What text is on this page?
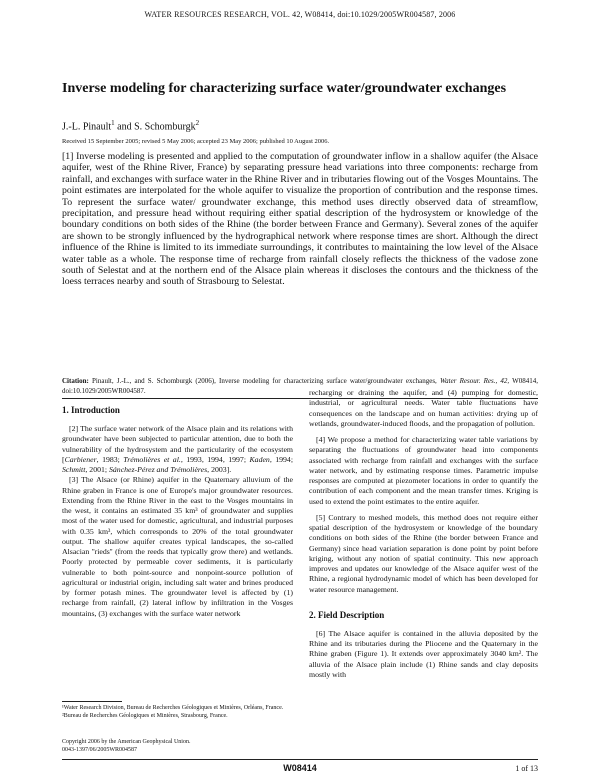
WATER RESOURCES RESEARCH, VOL. 42, W08414, doi:10.1029/2005WR004587, 2006
Inverse modeling for characterizing surface water/groundwater exchanges
J.-L. Pinault$^1$ and S. Schomburgk$^2$
Received 15 September 2005; revised 5 May 2006; accepted 23 May 2006; published 10 August 2006.
[1] Inverse modeling is presented and applied to the computation of groundwater inflow in a shallow aquifer (the Alsace aquifer, west of the Rhine River, France) by separating pressure head variations into three components: recharge from rainfall, and exchanges with surface water in the Rhine River and in tributaries flowing out of the Vosges Mountains. The point estimates are interpolated for the whole aquifer to visualize the proportion of contribution and the response times. To represent the surface water/ groundwater exchange, this method uses directly observed data of streamflow, precipitation, and pressure head without requiring either spatial description of the hydrosystem or knowledge of the boundary conditions on both sides of the Rhine (the border between France and Germany). Several zones of the aquifer are shown to be strongly influenced by the hydrographical network where response times are short. Although the direct influence of the Rhine is limited to its immediate surroundings, it contributes to maintaining the low level of the Alsace water table as a whole. The response time of recharge from rainfall closely reflects the thickness of the vadose zone south of Selestat and at the northern end of the Alsace plain whereas it discloses the contours and the thickness of the loess terraces nearby and south of Strasbourg to Selestat.
Citation: Pinault, J.-L., and S. Schomburgk (2006), Inverse modeling for characterizing surface water/groundwater exchanges, Water Resour. Res., 42, W08414, doi:10.1029/2005WR004587.
1. Introduction

[2] The surface water network of the Alsace plain and its relations with groundwater have been subjected to particular attention, due to both the vulnerability of the hydrosystem and the particularity of the ecosystem [Carbiener, 1983; Trémolières et al., 1993, 1994, 1997; Kaden, 1994; Schmitt, 2001; Sánchez-Pérez and Trémolières, 2003].

[3] The Alsace (or Rhine) aquifer in the Quaternary alluvium of the Rhine graben in France is one of Europe's major groundwater resources. Extending from the Rhine River in the east to the Vosges mountains in the west, it contains an estimated 35 km³ of groundwater and supplies most of the water used for domestic, agricultural, and industrial purposes with 0.35 km³, which corresponds to 20% of the total groundwater output. The shallow aquifer creates typical landscapes, the so-called Alsacian ''rieds'' (from the reeds that typically grow there) and wetlands. Poorly protected by permeable cover sediments, it is particularly vulnerable to both point-source and nonpoint-source pollution of agricultural or industrial origin, including salt water and brines produced by former potash mines. The groundwater level is affected by (1) recharge from rainfall, (2) lateral inflow by infiltration in the Vosges mountains, (3) exchanges with the surface water network

recharging or draining the aquifer, and (4) pumping for domestic, industrial, or agricultural needs. Water table fluctuations have consequences on the landscape and on human activities: drying up of wetlands, groundwater-induced floods, and the propagation of pollution.

[4] We propose a method for characterizing water table variations by separating the fluctuations of groundwater head into components associated with recharge from rainfall and exchanges with the surface water network, and by estimating response times. Parametric impulse responses are computed at piezometer locations in order to quantify the contribution of each component and the mean transfer times. Kriging is used to extend the point estimates to the entire aquifer.

[5] Contrary to meshed models, this method does not require either spatial description of the hydrosystem or knowledge of the boundary conditions on both sides of the Rhine (the border between France and Germany) since head variation separation is done point by point before kriging, without any notion of spatial continuity. This new approach improves and updates our knowledge of the Alsace aquifer west of the Rhine, a regional hydrodynamic model of which has been developed for water resource management.

2. Field Description

[6] The Alsace aquifer is contained in the alluvia deposited by the Rhine and its tributaries during the Pliocene and the Quaternary in the Rhine graben (Figure 1). It extends over approximately 3040 km². The alluvia of the Alsace plain include (1) Rhine sands and clay deposits mostly with

¹Water Research Division, Bureau de Recherches Géologiques et Minières, Orléans, France.
²Bureau de Recherches Géologiques et Minières, Strasbourg, France.
Copyright 2006 by the American Geophysical Union.
0043-1397/06/2005WR004587
W08414	1 of 13
